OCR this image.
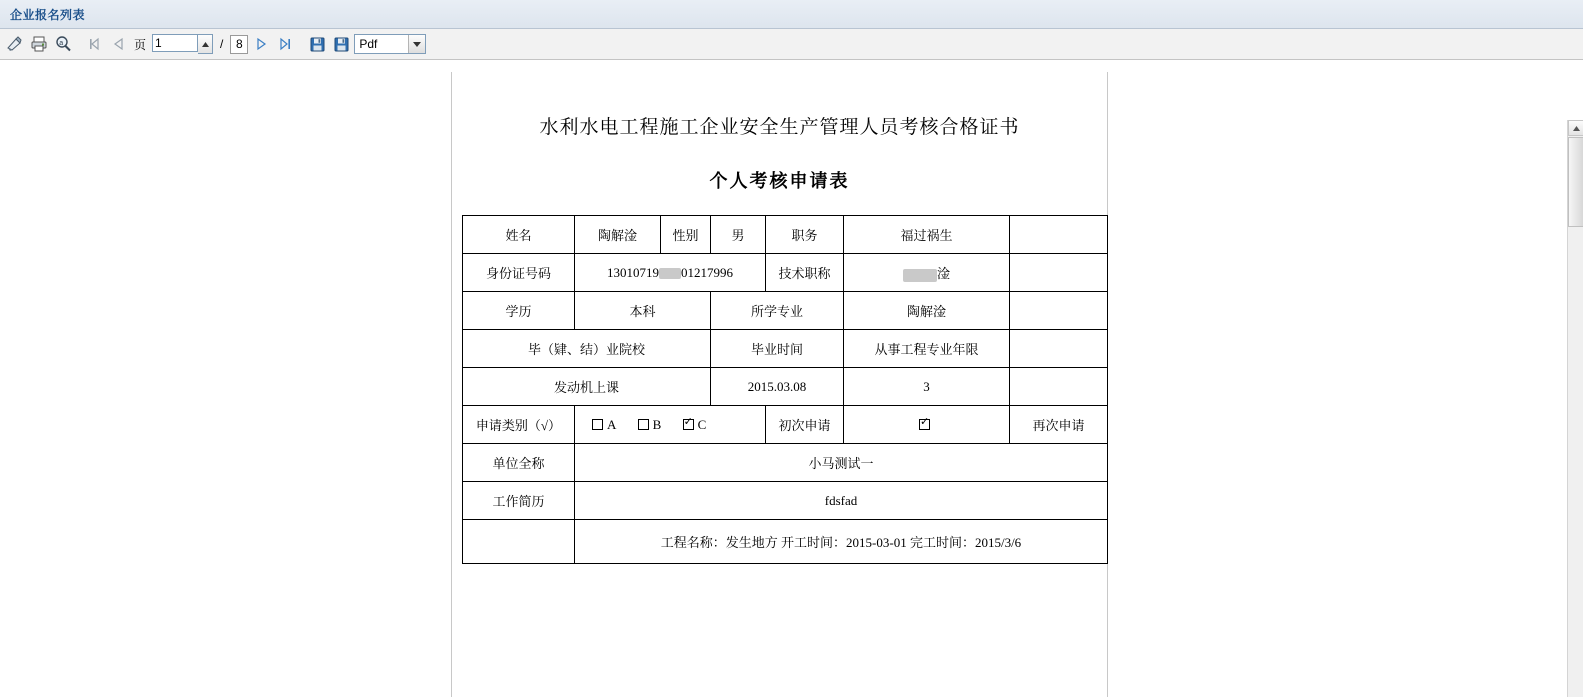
企业报名列表
a	页
1	/	8	Pdf
水利水电工程施工企业安全生产管理人员考核合格证书
个人考核申请表
姓名	陶解淦	性别	男	职务	福过祸生	
身份证号码	13010719 01217996			技术职称	淦	
学历	本科		所学专业		陶解淦	
毕（肄、结）业院校			毕业时间		从事工程专业年限	
发动机上课			2015.03.08		3	
申请类别（√）	A B ✓ C			初次申请	✓	再次申请
单位全称	小马测试一					
工作简历	fdsfad					
	工程名称：发生地方 开工时间：2015-03-01 完工时间：2015/3/6					
